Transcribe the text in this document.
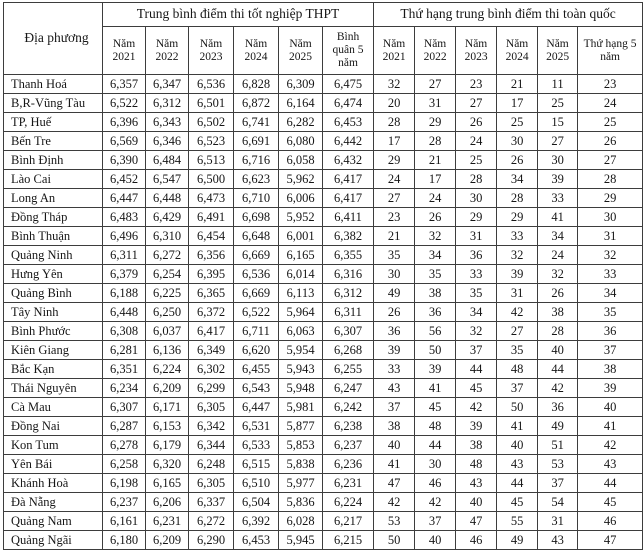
Địa phương	Trung bình điểm thi tốt nghiệp THPT						Thứ hạng trung bình điểm thi toàn quốc					
	Năm 2021	Năm 2022	Năm 2023	Năm 2024	Năm 2025	Bình quân 5 năm	Năm 2021	Năm 2022	Năm 2023	Năm 2024	Năm 2025	Thứ hạng 5 năm
Thanh Hoá	6,357	6,347	6,536	6,828	6,309	6,475	32	27	23	21	11	23
B,R-Vũng Tàu	6,522	6,312	6,501	6,872	6,164	6,474	20	31	27	17	25	24
TP, Huế	6,396	6,343	6,502	6,741	6,282	6,453	28	29	26	25	15	25
Bến Tre	6,569	6,346	6,523	6,691	6,080	6,442	17	28	24	30	27	26
Bình Định	6,390	6,484	6,513	6,716	6,058	6,432	29	21	25	26	30	27
Lào Cai	6,452	6,547	6,500	6,623	5,962	6,417	24	17	28	34	39	28
Long An	6,447	6,448	6,473	6,710	6,006	6,417	27	24	30	28	33	29
Đồng Tháp	6,483	6,429	6,491	6,698	5,952	6,411	23	26	29	29	41	30
Bình Thuận	6,496	6,310	6,454	6,648	6,001	6,382	21	32	31	33	34	31
Quảng Ninh	6,311	6,272	6,356	6,669	6,165	6,355	35	34	36	32	24	32
Hưng Yên	6,379	6,254	6,395	6,536	6,014	6,316	30	35	33	39	32	33
Quảng Bình	6,188	6,225	6,365	6,669	6,113	6,312	49	38	35	31	26	34
Tây Ninh	6,448	6,250	6,372	6,522	5,964	6,311	26	36	34	42	38	35
Bình Phước	6,308	6,037	6,417	6,711	6,063	6,307	36	56	32	27	28	36
Kiên Giang	6,281	6,136	6,349	6,620	5,954	6,268	39	50	37	35	40	37
Bắc Kạn	6,351	6,224	6,302	6,455	5,943	6,255	33	39	44	48	44	38
Thái Nguyên	6,234	6,209	6,299	6,543	5,948	6,247	43	41	45	37	42	39
Cà Mau	6,307	6,171	6,305	6,447	5,981	6,242	37	45	42	50	36	40
Đồng Nai	6,287	6,153	6,342	6,531	5,877	6,238	38	48	39	41	49	41
Kon Tum	6,278	6,179	6,344	6,533	5,853	6,237	40	44	38	40	51	42
Yên Bái	6,258	6,320	6,248	6,515	5,838	6,236	41	30	48	43	53	43
Khánh Hoà	6,198	6,165	6,305	6,510	5,977	6,231	47	46	43	44	37	44
Đà Nẵng	6,237	6,206	6,337	6,504	5,836	6,224	42	42	40	45	54	45
Quảng Nam	6,161	6,231	6,272	6,392	6,028	6,217	53	37	47	55	31	46
Quảng Ngãi	6,180	6,209	6,290	6,453	5,945	6,215	50	40	46	49	43	47
